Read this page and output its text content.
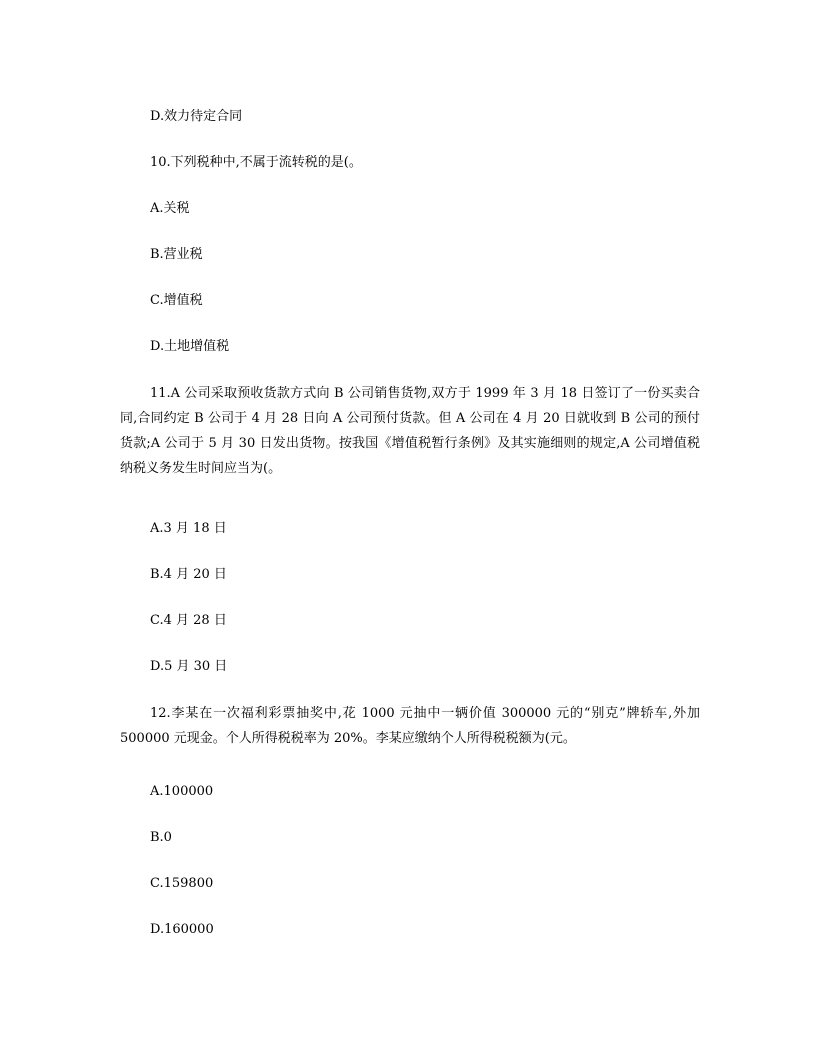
D.效力待定合同
10.下列税种中,不属于流转税的是(。
A.关税
B.营业税
C.增值税
D.土地增值税
11.A 公司采取预收货款方式向 B 公司销售货物,双方于 1999 年 3 月 18 日签订了一份买卖合同,合同约定 B 公司于 4 月 28 日向 A 公司预付货款。但 A 公司在 4 月 20 日就收到 B 公司的预付货款;A 公司于 5 月 30 日发出货物。按我国《增值税暂行条例》及其实施细则的规定,A 公司增值税纳税义务发生时间应当为(。
A.3 月 18 日
B.4 月 20 日
C.4 月 28 日
D.5 月 30 日
12.李某在一次福利彩票抽奖中,花 1000 元抽中一辆价值 300000 元的“别克”牌轿车,外加 500000 元现金。个人所得税税率为 20%。李某应缴纳个人所得税税额为(元。
A.100000
B.0
C.159800
D.160000
